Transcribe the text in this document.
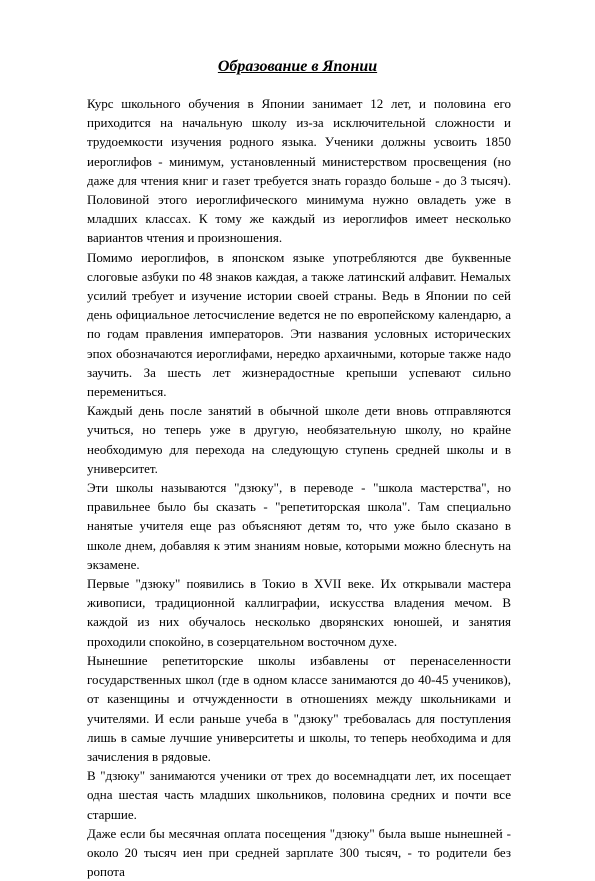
Образование в Японии

Курс школьного обучения в Японии занимает 12 лет, и половина его приходится на начальную школу из-за исключительной сложности и трудоемкости изучения родного языка. Ученики должны усвоить 1850 иероглифов - минимум, установленный министерством просвещения (но даже для чтения книг и газет требуется знать гораздо больше - до 3 тысяч). Половиной этого иероглифического минимума нужно овладеть уже в младших классах. К тому же каждый из иероглифов имеет несколько вариантов чтения и произношения.

Помимо иероглифов, в японском языке употребляются две буквенные слоговые азбуки по 48 знаков каждая, а также латинский алфавит. Немалых усилий требует и изучение истории своей страны. Ведь в Японии по сей день официальное летосчисление ведется не по европейскому календарю, а по годам правления императоров. Эти названия условных исторических эпох обозначаются иероглифами, нередко архаичными, которые также надо заучить. За шесть лет жизнерадостные крепыши успевают сильно перемениться.

Каждый день после занятий в обычной школе дети вновь отправляются учиться, но теперь уже в другую, необязательную школу, но крайне необходимую для перехода на следующую ступень средней школы и в университет.

Эти школы называются "дзюку", в переводе - "школа мастерства", но правильнее было бы сказать - "репетиторская школа". Там специально нанятые учителя еще раз объясняют детям то, что уже было сказано в школе днем, добавляя к этим знаниям новые, которыми можно блеснуть на экзамене.

Первые "дзюку" появились в Токио в XVII веке. Их открывали мастера живописи, традиционной каллиграфии, искусства владения мечом. В каждой из них обучалось несколько дворянских юношей, и занятия проходили спокойно, в созерцательном восточном духе.

Нынешние репетиторские школы избавлены от перенаселенности государственных школ (где в одном классе занимаются до 40-45 учеников), от казенщины и отчужденности в отношениях между школьниками и учителями. И если раньше учеба в "дзюку" требовалась для поступления лишь в самые лучшие университеты и школы, то теперь необходима и для зачисления в рядовые.

В "дзюку" занимаются ученики от трех до восемнадцати лет, их посещает одна шестая часть младших школьников, половина средних и почти все старшие.

Даже если бы месячная оплата посещения "дзюку" была выше нынешней - около 20 тысяч иен при средней зарплате 300 тысяч, - то родители без ропота
